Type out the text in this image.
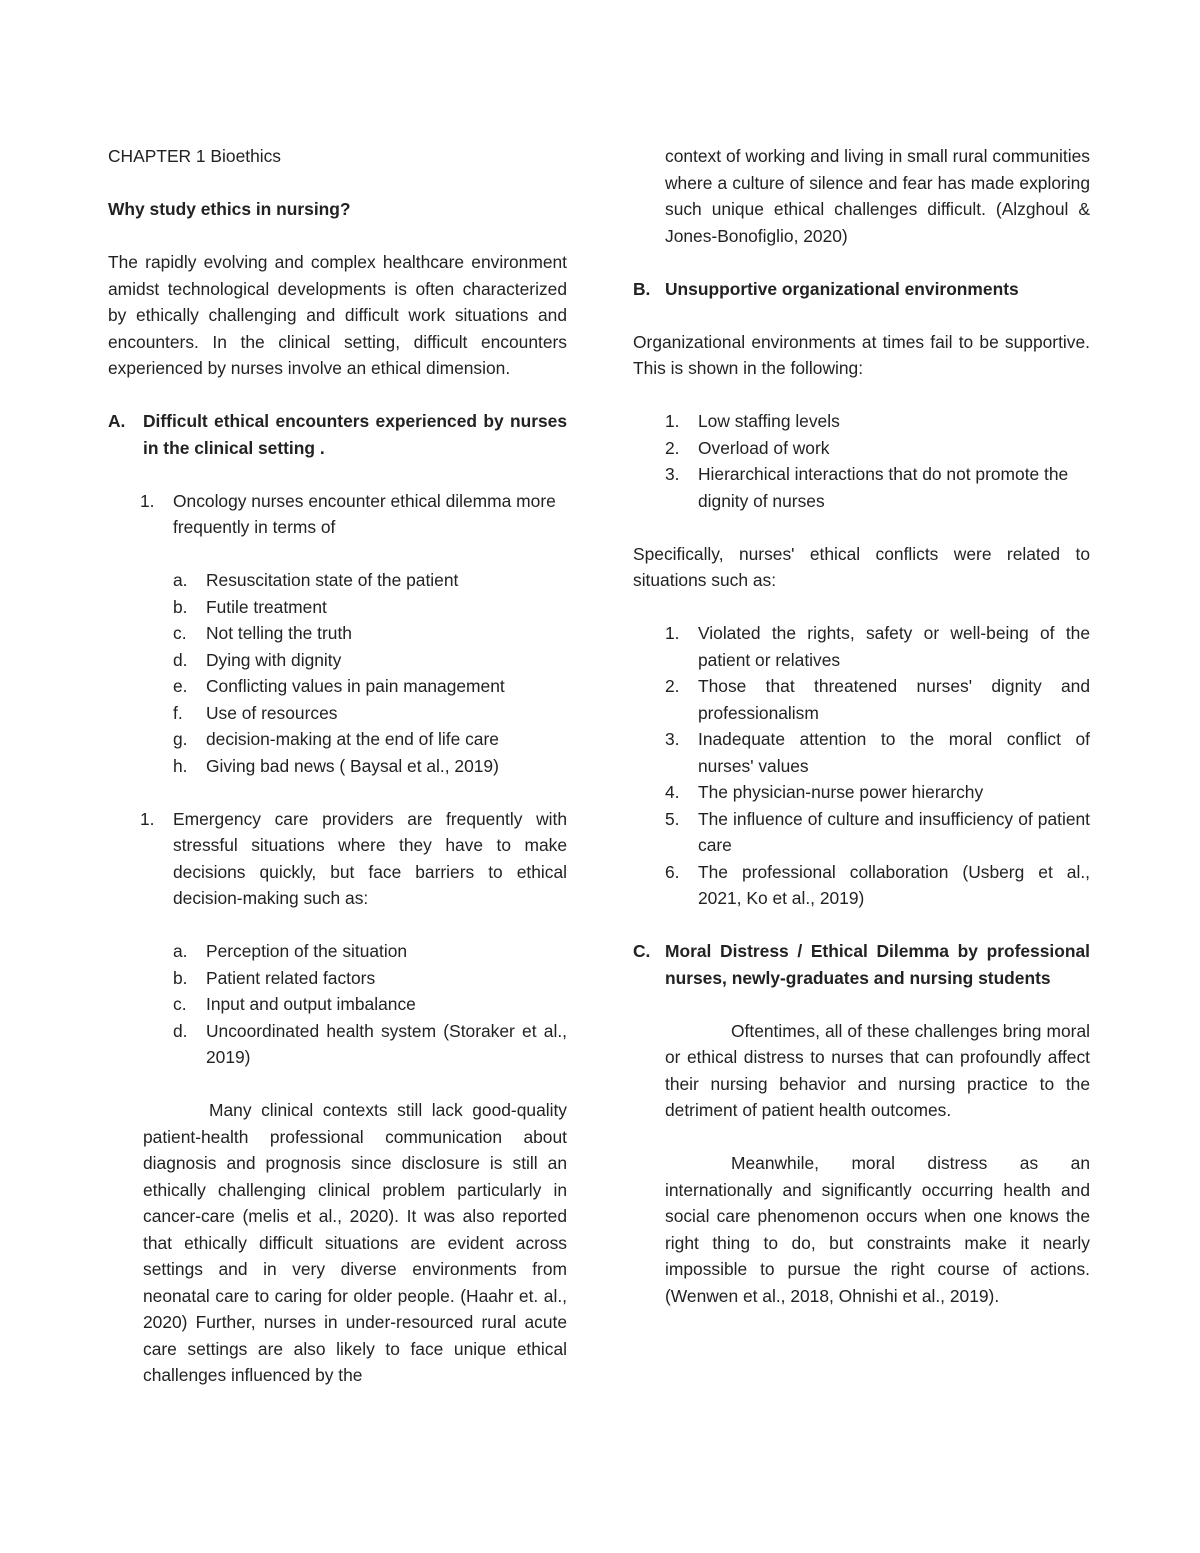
CHAPTER 1 Bioethics

Why study ethics in nursing?

The rapidly evolving and complex healthcare environment amidst technological developments is often characterized by ethically challenging and difficult work situations and encounters. In the clinical setting, difficult encounters experienced by nurses involve an ethical dimension.

A.	Difficult ethical encounters experienced by nurses in the clinical setting .
1.	Oncology nurses encounter ethical dilemma more frequently in terms of
a.	Resuscitation state of the patient
b.	Futile treatment
c.	Not telling the truth
d.	Dying with dignity
e.	Conflicting values in pain management
f.	Use of resources
g.	decision-making at the end of life care
h.	Giving bad news ( Baysal et al., 2019)
1.	Emergency care providers are frequently with stressful situations where they have to make decisions quickly, but face barriers to ethical decision-making such as:
a.	Perception of the situation
b.	Patient related factors
c.	Input and output imbalance
d.	Uncoordinated health system (Storaker et al., 2019)

Many clinical contexts still lack good-quality patient-health professional communication about diagnosis and prognosis since disclosure is still an ethically challenging clinical problem particularly in cancer-care (melis et al., 2020). It was also reported that ethically difficult situations are evident across settings and in very diverse environments from neonatal care to caring for older people. (Haahr et. al., 2020) Further, nurses in under-resourced rural acute care settings are also likely to face unique ethical challenges influenced by the

context of working and living in small rural communities where a culture of silence and fear has made exploring such unique ethical challenges difficult. (Alzghoul & Jones-Bonofiglio, 2020)

B. Unsupportive organizational environments

Organizational environments at times fail to be supportive. This is shown in the following:

1.	Low staffing levels
2.	Overload of work
3.	Hierarchical interactions that do not promote the dignity of nurses

Specifically, nurses' ethical conflicts were related to situations such as:

1.	Violated the rights, safety or well-being of the patient or relatives
2.	Those that threatened nurses' dignity and professionalism
3.	Inadequate attention to the moral conflict of nurses' values
4.	The physician-nurse power hierarchy
5.	The influence of culture and insufficiency of patient care
6.	The professional collaboration (Usberg et al., 2021, Ko et al., 2019)
C. Moral Distress / Ethical Dilemma by professional nurses, newly-graduates and nursing students

Oftentimes, all of these challenges bring moral or ethical distress to nurses that can profoundly affect their nursing behavior and nursing practice to the detriment of patient health outcomes.

Meanwhile, moral distress as an internationally and significantly occurring health and social care phenomenon occurs when one knows the right thing to do, but constraints make it nearly impossible to pursue the right course of actions. (Wenwen et al., 2018, Ohnishi et al., 2019).
